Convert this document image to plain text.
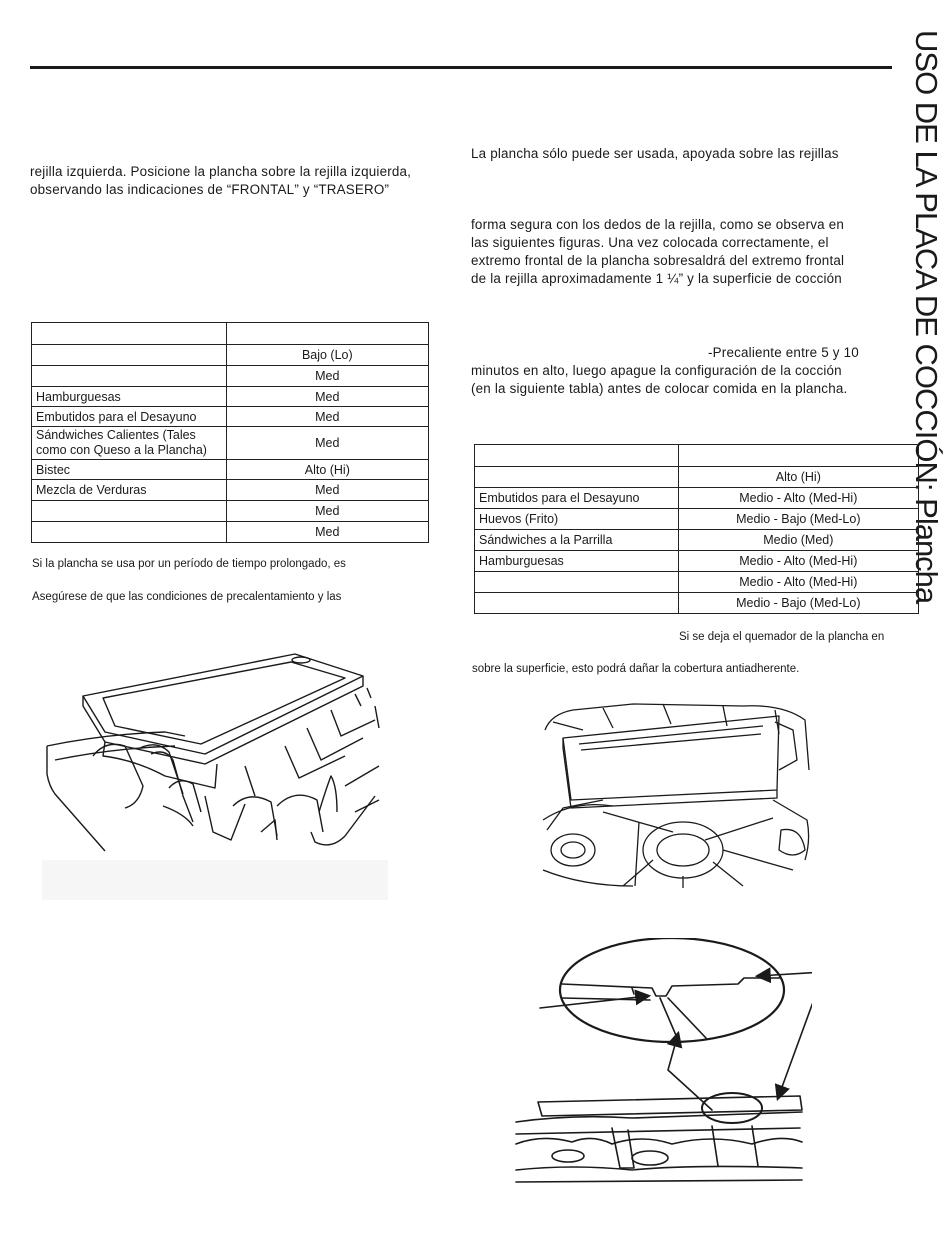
USO DE LA PLACA DE COCCIÓN: Plancha

rejilla izquierda. Posicione la plancha sobre la rejilla izquierda,

observando las indicaciones de “FRONTAL” y “TRASERO”

	Bajo (Lo)
	Med
Hamburguesas	Med
Embutidos para el Desayuno	Med
Sándwiches Calientes (Tales como con Queso a la Plancha)	Med
Bistec	Alto (Hi)
Mezcla de Verduras	Med
	Med
	Med

Si la plancha se usa por un período de tiempo prolongado, es

Asegúrese de que las condiciones de precalentamiento y las

La plancha sólo puede ser usada, apoyada sobre las rejillas

forma segura con los dedos de la rejilla, como se observa en

las siguientes figuras. Una vez colocada correctamente, el

extremo frontal de la plancha sobresaldrá del extremo frontal

de la rejilla aproximadamente 1 ¼” y la superficie de cocción

-Precaliente entre 5 y 10

minutos en alto, luego apague la configuración de la cocción

(en la siguiente tabla) antes de colocar comida en la plancha.

	Alto (Hi)
Embutidos para el Desayuno	Medio - Alto (Med-Hi)
Huevos (Frito)	Medio - Bajo (Med-Lo)
Sándwiches a la Parrilla	Medio (Med)
Hamburguesas	Medio - Alto (Med-Hi)
	Medio - Alto (Med-Hi)
	Medio - Bajo (Med-Lo)

Si se deja el quemador de la plancha en

sobre la superficie, esto podrá dañar la cobertura antiadherente.
